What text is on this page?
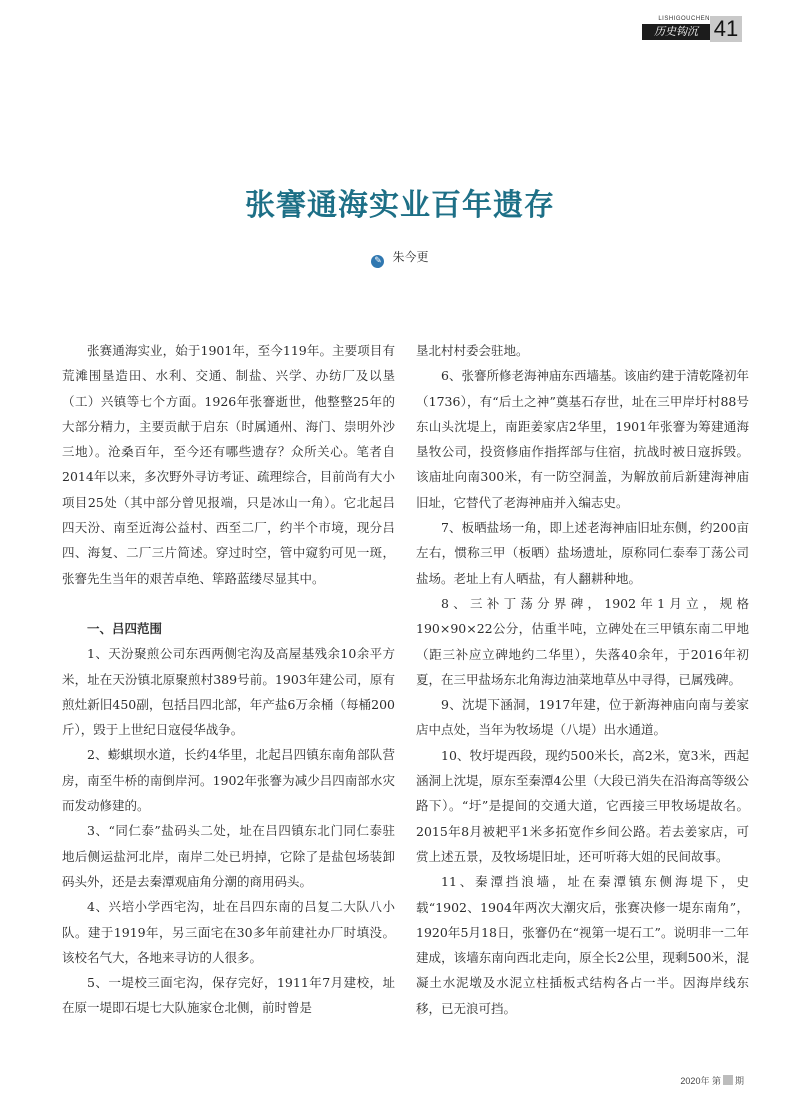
LISHIGOUCHEN
历史钩沉 41
张謇通海实业百年遗存
✎ 朱今更

张赛通海实业，始于1901年，至今119年。主要项目有荒滩围垦造田、水利、交通、制盐、兴学、办纺厂及以垦（工）兴镇等七个方面。1926年张謇逝世，他整整25年的大部分精力，主要贡献于启东（时属通州、海门、崇明外沙三地）。沧桑百年，至今还有哪些遗存？众所关心。笔者自2014年以来，多次野外寻访考证、疏理综合，目前尚有大小项目25处（其中部分曾见报端，只是冰山一角）。它北起吕四天汾、南至近海公益村、西至二厂，约半个市境，现分吕四、海复、二厂三片简述。穿过时空，管中窥豹可见一斑，张謇先生当年的艰苦卓绝、筚路蓝缕尽显其中。

一、吕四范围

1、天汾聚煎公司东西两侧宅沟及高屋基残余10余平方米，址在天汾镇北原聚煎村389号前。1903年建公司，原有煎灶新旧450副，包括吕四北部，年产盐6万余桶（每桶200斤），毁于上世纪日寇侵华战争。

2、蟛蜞坝水道，长约4华里，北起吕四镇东南角部队营房，南至牛桥的南倒岸河。1902年张謇为减少吕四南部水灾而发动修建的。

3、“同仁泰”盐码头二处，址在吕四镇东北门同仁泰驻地后侧运盐河北岸，南岸二处已坍掉，它除了是盐包场装卸码头外，还是去秦潭观庙角分潮的商用码头。

4、兴培小学西宅沟，址在吕四东南的吕复二大队八小队。建于1919年，另三面宅在30多年前建社办厂时填没。该校名气大，各地来寻访的人很多。

5、一堤校三面宅沟，保存完好，1911年7月建校，址在原一堤即石堤七大队施家仓北侧，前时曾是

垦北村村委会驻地。

6、张謇所修老海神庙东西墙基。该庙约建于清乾隆初年（1736），有“后土之神”奠基石存世，址在三甲岸圩村88号东山头沈堤上，南距姜家店2华里，1901年张謇为筹建通海垦牧公司，投资修庙作指挥部与住宿，抗战时被日寇拆毁。该庙址向南300米，有一防空洞盖，为解放前后新建海神庙旧址，它替代了老海神庙并入编志史。

7、板晒盐场一角，即上述老海神庙旧址东侧，约200亩左右，惯称三甲（板晒）盐场遗址，原称同仁泰奉丁荡公司盐场。老址上有人晒盐，有人翻耕种地。

8、三补丁荡分界碑，1902年1月立，规格190×90×22公分，估重半吨，立碑处在三甲镇东南二甲地（距三补应立碑地约二华里），失落40余年，于2016年初夏，在三甲盐场东北角海边油菜地草丛中寻得，已属残碑。

9、沈堤下涵洞，1917年建，位于新海神庙向南与姜家店中点处，当年为牧场堤（八堤）出水通道。

10、牧圩堤西段，现约500米长，高2米，宽3米，西起涵洞上沈堤，原东至秦潭4公里（大段已消失在沿海高等级公路下）。“圩”是提间的交通大道，它西接三甲牧场堤故名。2015年8月被耙平1米多拓宽作乡间公路。若去姜家店，可赏上述五景，及牧场堤旧址，还可听蒋大姐的民间故事。

11、秦潭挡浪墙，址在秦潭镇东侧海堤下，史载“1902、1904年两次大潮灾后，张赛决修一堤东南角”，1920年5月18日，张謇仍在“视第一堤石工”。说明非一二年建成，该墙东南向西北走向，原全长2公里，现剩500米，混凝土水泥墩及水泥立柱插板式结构各占一半。因海岸线东移，已无浪可挡。

2020年 第 期
